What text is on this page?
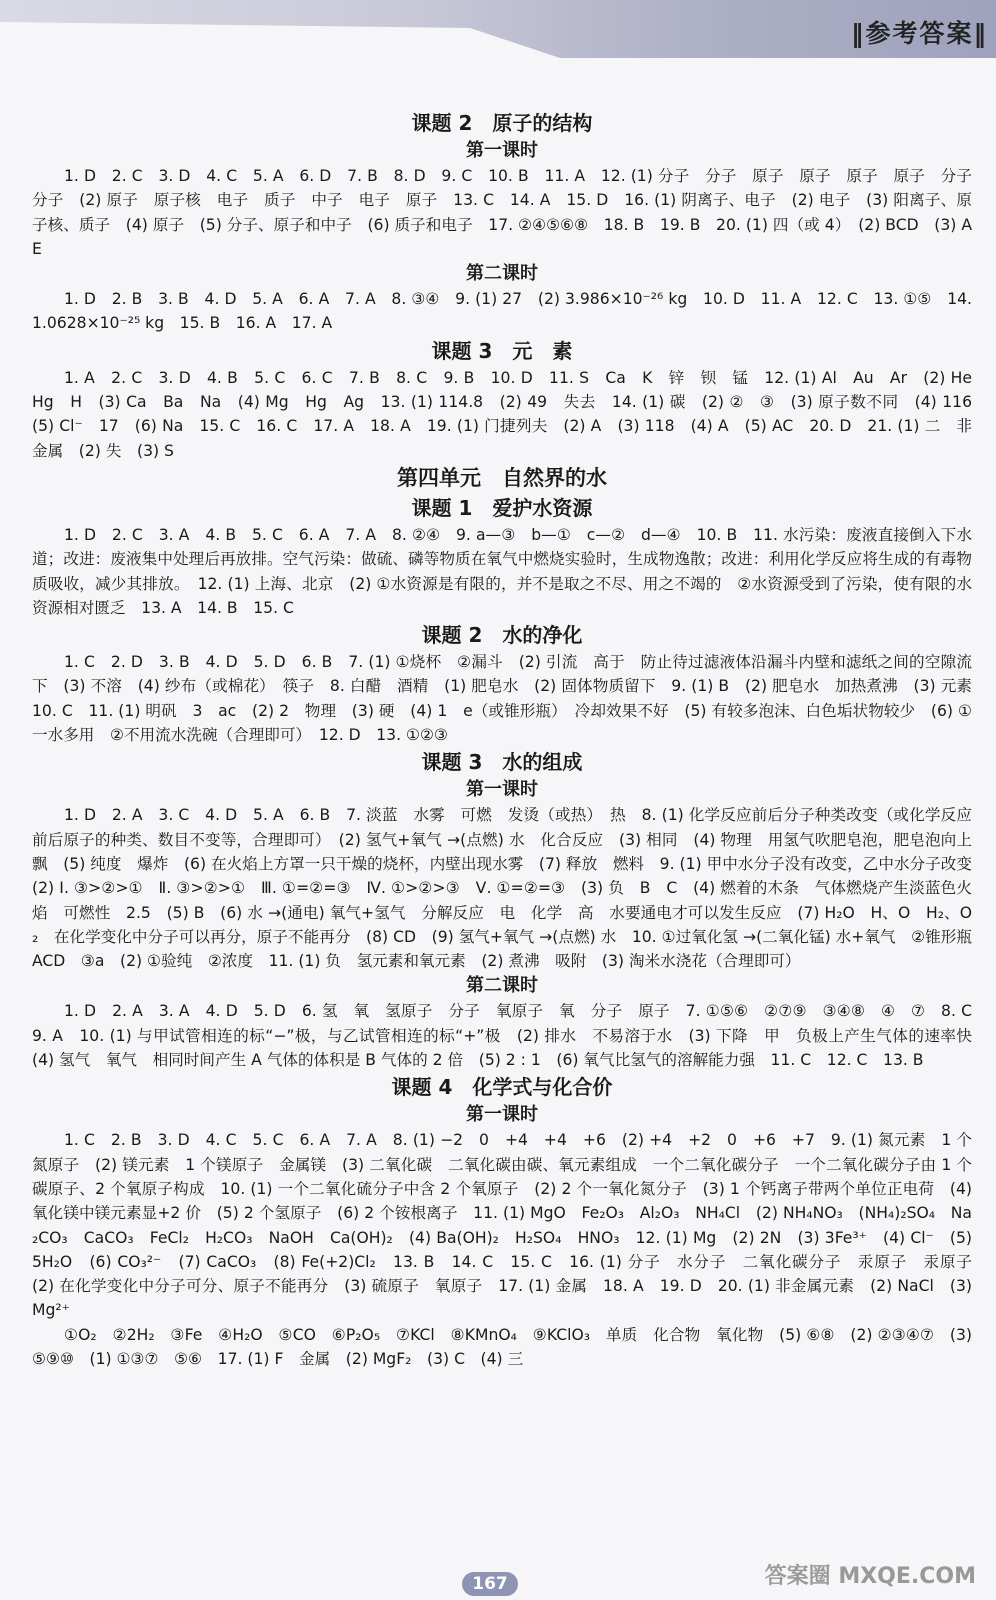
‖参考答案‖
课题 2　原子的结构
第一课时

1. D　2. C　3. D　4. C　5. A　6. D　7. B　8. D　9. C　10. B　11. A　12. (1) 分子　分子　原子　原子　原子　原子　分子　分子　(2) 原子　原子核　电子　质子　中子　电子　原子　13. C　14. A　15. D　16. (1) 阴离子、电子　(2) 电子　(3) 阳离子、原子核、质子　(4) 原子　(5) 分子、原子和中子　(6) 质子和电子　17. ②④⑤⑥⑧　18. B　19. B　20. (1) 四（或 4）　(2) BCD　(3) AE

第二课时

1. D　2. B　3. B　4. D　5. A　6. A　7. A　8. ③④　9. (1) 27　(2) 3.986×10⁻²⁶ kg　10. D　11. A　12. C　13. ①⑤　14. 1.0628×10⁻²⁵ kg　15. B　16. A　17. A

课题 3　元　素

1. A　2. C　3. D　4. B　5. C　6. C　7. B　8. C　9. B　10. D　11. S　Ca　K　锌　钡　锰　12. (1) Al　Au　Ar　(2) He　Hg　H　(3) Ca　Ba　Na　(4) Mg　Hg　Ag　13. (1) 114.8　(2) 49　失去　14. (1) 碳　(2) ②　③　(3) 原子数不同　(4) 116　(5) Cl⁻　17　(6) Na　15. C　16. C　17. A　18. A　19. (1) 门捷列夫　(2) A　(3) 118　(4) A　(5) AC　20. D　21. (1) 二　非金属　(2) 失　(3) S

第四单元　自然界的水
课题 1　爱护水资源

1. D　2. C　3. A　4. B　5. C　6. A　7. A　8. ②④　9. a—③　b—①　c—②　d—④　10. B　11. 水污染：废液直接倒入下水道；改进：废液集中处理后再放排。空气污染：做硫、磷等物质在氧气中燃烧实验时，生成物逸散；改进：利用化学反应将生成的有毒物质吸收，减少其排放。　12. (1) 上海、北京　(2) ①水资源是有限的，并不是取之不尽、用之不竭的　②水资源受到了污染，使有限的水资源相对匮乏　13. A　14. B　15. C

课题 2　水的净化

1. C　2. D　3. B　4. D　5. D　6. B　7. (1) ①烧杯　②漏斗　(2) 引流　高于　防止待过滤液体沿漏斗内壁和滤纸之间的空隙流下　(3) 不溶　(4) 纱布（或棉花）　筷子　8. 白醋　酒精　(1) 肥皂水　(2) 固体物质留下　9. (1) B　(2) 肥皂水　加热煮沸　(3) 元素　10. C　11. (1) 明矾　3　ac　(2) 2　物理　(3) 硬　(4) 1　e（或锥形瓶）　冷却效果不好　(5) 有较多泡沫、白色垢状物较少　(6) ①一水多用　②不用流水洗碗（合理即可）　12. D　13. ①②③

课题 3　水的组成
第一课时

1. D　2. A　3. C　4. D　5. A　6. B　7. 淡蓝　水雾　可燃　发烫（或热）　热　8. (1) 化学反应前后分子种类改变（或化学反应前后原子的种类、数目不变等，合理即可）　(2) 氢气+氧气 →(点燃) 水　化合反应　(3) 相同　(4) 物理　用氢气吹肥皂泡，肥皂泡向上飘　(5) 纯度　爆炸　(6) 在火焰上方罩一只干燥的烧杯，内壁出现水雾　(7) 释放　燃料　9. (1) 甲中水分子没有改变，乙中水分子改变　(2) Ⅰ. ③>②>①　Ⅱ. ③>②>①　Ⅲ. ①=②=③　Ⅳ. ①>②>③　Ⅴ. ①=②=③　(3) 负　B　C　(4) 燃着的木条　气体燃烧产生淡蓝色火焰　可燃性　2.5　(5) B　(6) 水 →(通电) 氧气+氢气　分解反应　电　化学　高　水要通电才可以发生反应　(7) H₂O　H、O　H₂、O₂　在化学变化中分子可以再分，原子不能再分　(8) CD　(9) 氢气+氧气 →(点燃) 水　10. ①过氧化氢 →(二氧化锰) 水+氧气　②锥形瓶　ACD　③a　(2) ①验纯　②浓度　11. (1) 负　氢元素和氧元素　(2) 煮沸　吸附　(3) 淘米水浇花（合理即可）

第二课时

1. D　2. A　3. A　4. D　5. D　6. 氢　氧　氢原子　分子　氧原子　氧　分子　原子　7. ①⑤⑥　②⑦⑨　③④⑧　④　⑦　8. C　9. A　10. (1) 与甲试管相连的标“−”极，与乙试管相连的标“+”极　(2) 排水　不易溶于水　(3) 下降　甲　负极上产生气体的速率快　(4) 氢气　氧气　相同时间产生 A 气体的体积是 B 气体的 2 倍　(5) 2 : 1　(6) 氧气比氢气的溶解能力强　11. C　12. C　13. B

课题 4　化学式与化合价
第一课时

1. C　2. B　3. D　4. C　5. C　6. A　7. A　8. (1) −2　0　+4　+4　+6　(2) +4　+2　0　+6　+7　9. (1) 氮元素　1 个氮原子　(2) 镁元素　1 个镁原子　金属镁　(3) 二氧化碳　二氧化碳由碳、氧元素组成　一个二氧化碳分子　一个二氧化碳分子由 1 个碳原子、2 个氧原子构成　10. (1) 一个二氧化硫分子中含 2 个氧原子　(2) 2 个一氧化氮分子　(3) 1 个钙离子带两个单位正电荷　(4) 氧化镁中镁元素显+2 价　(5) 2 个氢原子　(6) 2 个铵根离子　11. (1) MgO　Fe₂O₃　Al₂O₃　NH₄Cl　(2) NH₄NO₃　(NH₄)₂SO₄　Na₂CO₃　CaCO₃　FeCl₂　H₂CO₃　NaOH　Ca(OH)₂　(4) Ba(OH)₂　H₂SO₄　HNO₃　12. (1) Mg　(2) 2N　(3) 3Fe³⁺　(4) Cl⁻　(5) 5H₂O　(6) CO₃²⁻　(7) CaCO₃　(8) Fe(+2)Cl₂　13. B　14. C　15. C　16. (1) 分子　水分子　二氧化碳分子　汞原子　汞原子　(2) 在化学变化中分子可分、原子不能再分　(3) 硫原子　氧原子　17. (1) 金属　18. A　19. D　20. (1) 非金属元素　(2) NaCl　(3) Mg²⁺

①O₂　②2H₂　③Fe　④H₂O　⑤CO　⑥P₂O₅　⑦KCl　⑧KMnO₄　⑨KClO₃　单质　化合物　氧化物　(5) ⑥⑧　(2) ②③④⑦　(3) ⑤⑨⑩　(1) ①③⑦　⑤⑥　17. (1) F　金属　(2) MgF₂　(3) C　(4) 三

167	答案圈 MXQE.COM
